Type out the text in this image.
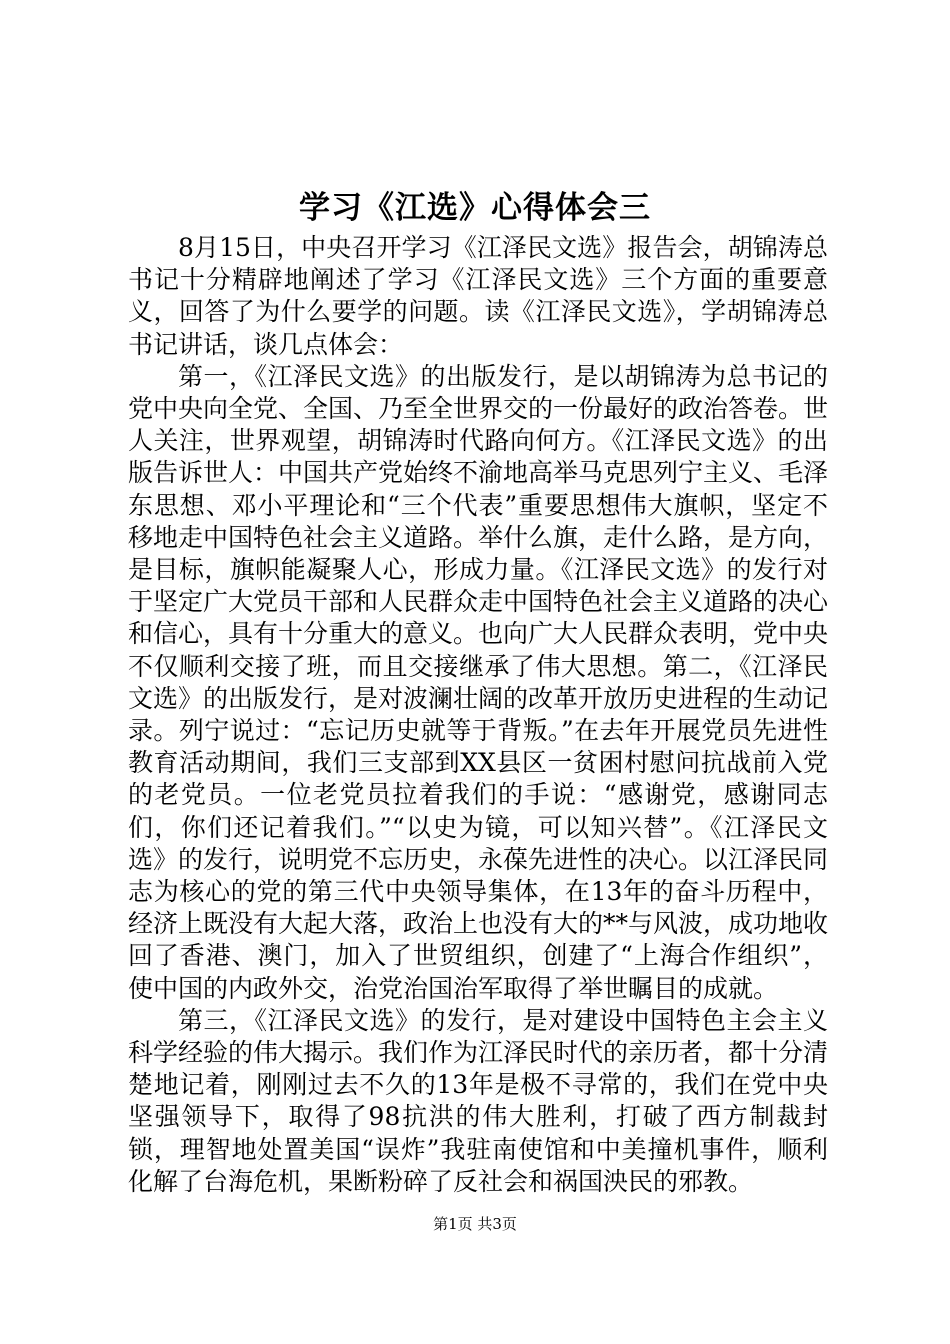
学习《江选》心得体会三

8月15日，中央召开学习《江泽民文选》报告会，胡锦涛总书记十分精辟地阐述了学习《江泽民文选》三个方面的重要意义，回答了为什么要学的问题。读《江泽民文选》，学胡锦涛总书记讲话，谈几点体会：

第一，《江泽民文选》的出版发行，是以胡锦涛为总书记的党中央向全党、全国、乃至全世界交的一份最好的政治答卷。世人关注，世界观望，胡锦涛时代路向何方。《江泽民文选》的出版告诉世人：中国共产党始终不渝地高举马克思列宁主义、毛泽东思想、邓小平理论和“三个代表”重要思想伟大旗帜，坚定不移地走中国特色社会主义道路。举什么旗，走什么路，是方向，是目标，旗帜能凝聚人心，形成力量。《江泽民文选》的发行对于坚定广大党员干部和人民群众走中国特色社会主义道路的决心和信心，具有十分重大的意义。也向广大人民群众表明，党中央不仅顺利交接了班，而且交接继承了伟大思想。第二，《江泽民文选》的出版发行，是对波澜壮阔的改革开放历史进程的生动记录。列宁说过：“忘记历史就等于背叛。”在去年开展党员先进性教育活动期间，我们三支部到XX县区一贫困村慰问抗战前入党的老党员。一位老党员拉着我们的手说：“感谢党，感谢同志们，你们还记着我们。”“以史为镜，可以知兴替”。《江泽民文选》的发行，说明党不忘历史，永葆先进性的决心。以江泽民同志为核心的党的第三代中央领导集体，在13年的奋斗历程中，经济上既没有大起大落，政治上也没有大的**与风波，成功地收回了香港、澳门，加入了世贸组织，创建了“上海合作组织”，使中国的内政外交，治党治国治军取得了举世瞩目的成就。

第三，《江泽民文选》的发行，是对建设中国特色主会主义科学经验的伟大揭示。我们作为江泽民时代的亲历者，都十分清楚地记着，刚刚过去不久的13年是极不寻常的，我们在党中央坚强领导下，取得了98抗洪的伟大胜利，打破了西方制裁封锁，理智地处置美国“误炸”我驻南使馆和中美撞机事件，顺利化解了台海危机，果断粉碎了反社会和祸国泱民的邪教。

第1页 共3页
